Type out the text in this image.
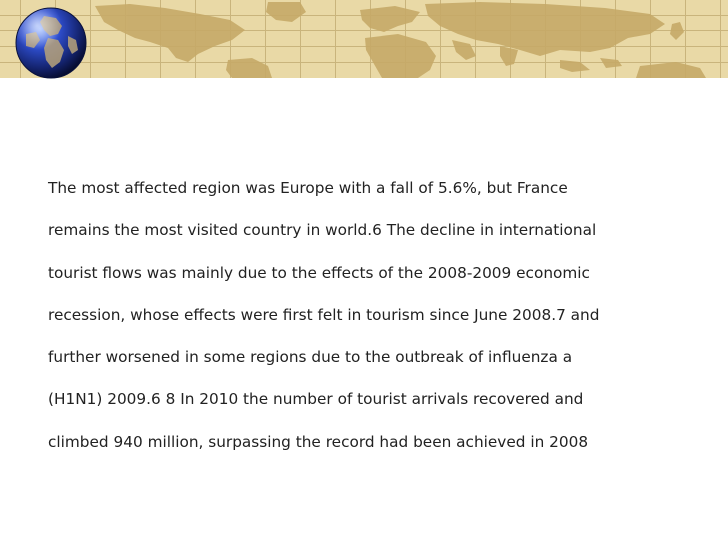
The most affected region was Europe with a fall of 5.6%, but France
remains the most visited country in world.6 The decline in international
tourist flows was mainly due to the effects of the 2008-2009 economic
recession, whose effects were first felt in tourism since June 2008.7 and
further worsened in some regions due to the outbreak of influenza a
(H1N1) 2009.6 8 In 2010 the number of tourist arrivals recovered and
climbed 940 million, surpassing the record had been achieved in 2008
